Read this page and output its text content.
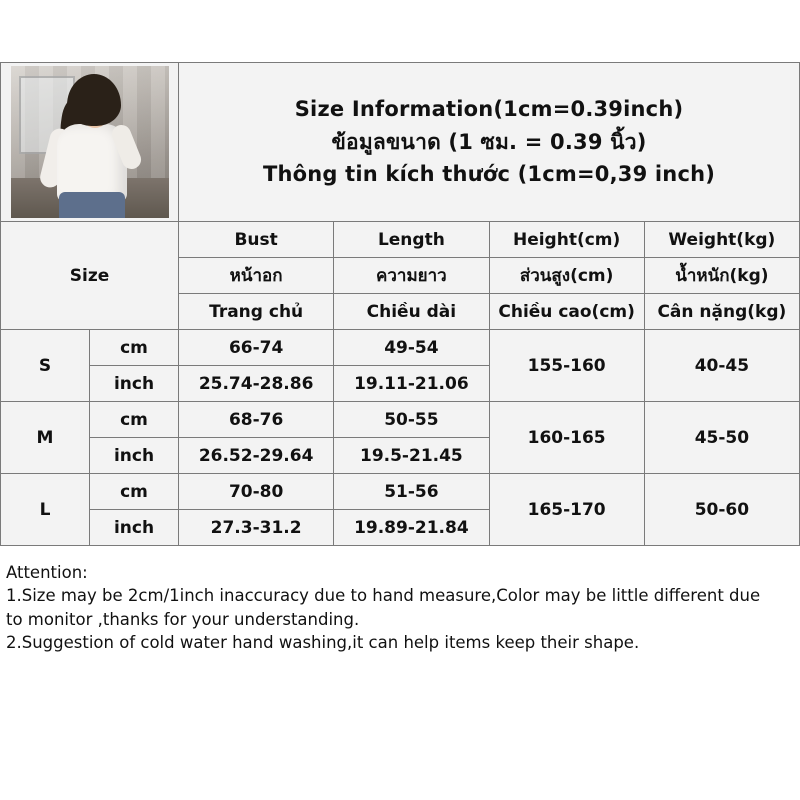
		Size Information(1cm=0.39inch)
ข้อมูลขนาด (1 ซม. = 0.39 นิ้ว)
Thông tin kích thước (1cm=0,39 inch)			

Size		Bust	Length	Height(cm)	Weight(kg)
		หน้าอก	ความยาว	ส่วนสูง(cm)	น้ำหนัก(kg)
		Trang chủ	Chiều dài	Chiều cao(cm)	Cân nặng(kg)
S	cm	66-74	49-54	155-160	40-45
	inch	25.74-28.86	19.11-21.06		
M	cm	68-76	50-55	160-165	45-50
	inch	26.52-29.64	19.5-21.45		
L	cm	70-80	51-56	165-170	50-60
	inch	27.3-31.2	19.89-21.84		
Attention:
1.Size may be 2cm/1inch inaccuracy due to hand measure,Color may be little different due
to monitor ,thanks for your understanding.
2.Suggestion of cold water hand washing,it can help items keep their shape.
